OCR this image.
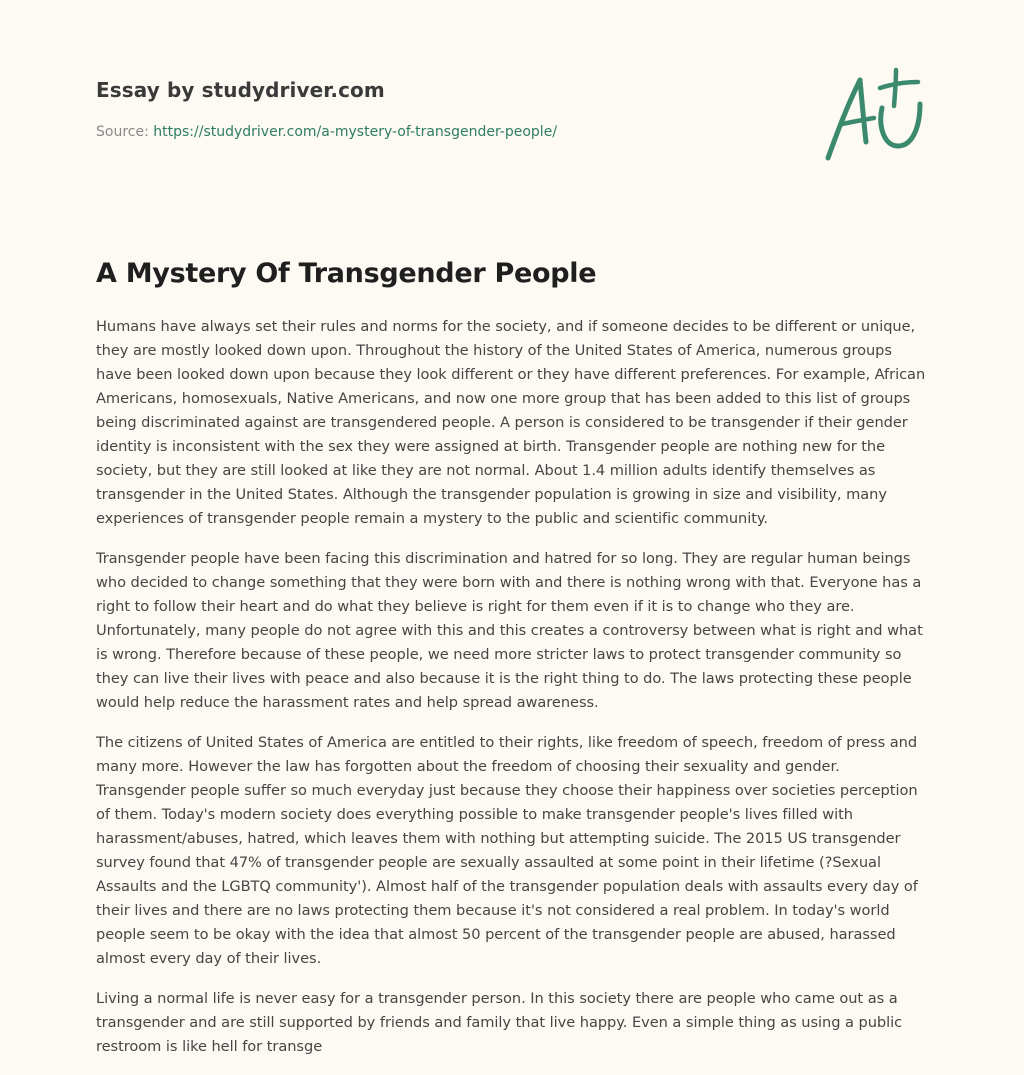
Essay by studydriver.com
Source: https://studydriver.com/a-mystery-of-transgender-people/
A Mystery Of Transgender People

Humans have always set their rules and norms for the society, and if someone decides to be different or unique, they are mostly looked down upon. Throughout the history of the United States of America, numerous groups have been looked down upon because they look different or they have different preferences. For example, African Americans, homosexuals, Native Americans, and now one more group that has been added to this list of groups being discriminated against are transgendered people. A person is considered to be transgender if their gender identity is inconsistent with the sex they were assigned at birth. Transgender people are nothing new for the society, but they are still looked at like they are not normal. About 1.4 million adults identify themselves as transgender in the United States. Although the transgender population is growing in size and visibility, many experiences of transgender people remain a mystery to the public and scientific community.

Transgender people have been facing this discrimination and hatred for so long. They are regular human beings who decided to change something that they were born with and there is nothing wrong with that. Everyone has a right to follow their heart and do what they believe is right for them even if it is to change who they are. Unfortunately, many people do not agree with this and this creates a controversy between what is right and what is wrong. Therefore because of these people, we need more stricter laws to protect transgender community so they can live their lives with peace and also because it is the right thing to do. The laws protecting these people would help reduce the harassment rates and help spread awareness.

The citizens of United States of America are entitled to their rights, like freedom of speech, freedom of press and many more. However the law has forgotten about the freedom of choosing their sexuality and gender. Transgender people suffer so much everyday just because they choose their happiness over societies perception of them. Today's modern society does everything possible to make transgender people's lives filled with harassment/abuses, hatred, which leaves them with nothing but attempting suicide. The 2015 US transgender survey found that 47% of transgender people are sexually assaulted at some point in their lifetime (?Sexual Assaults and the LGBTQ community'). Almost half of the transgender population deals with assaults every day of their lives and there are no laws protecting them because it's not considered a real problem. In today's world people seem to be okay with the idea that almost 50 percent of the transgender people are abused, harassed almost every day of their lives.

Living a normal life is never easy for a transgender person. In this society there are people who came out as a transgender and are still supported by friends and family that live happy. Even a simple thing as using a public restroom is like hell for transge
